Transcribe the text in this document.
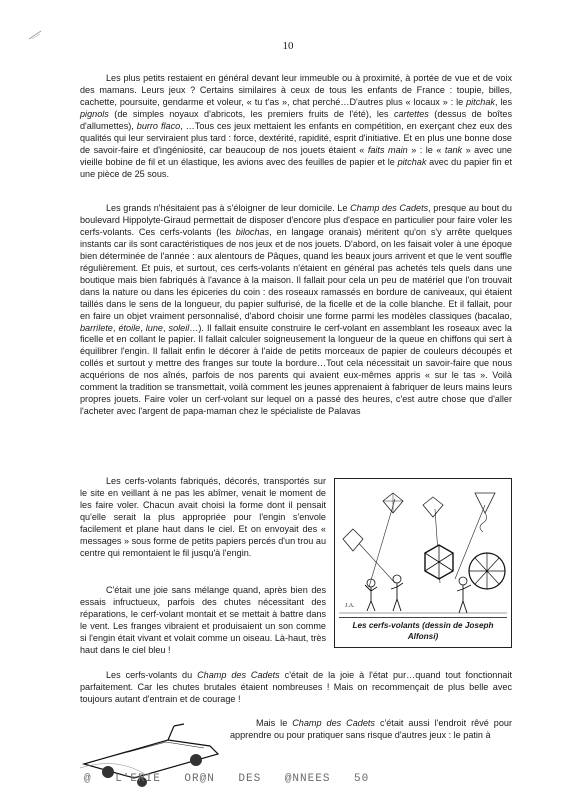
10

Les plus petits restaient en général devant leur immeuble ou à proximité, à portée de vue et de voix des mamans. Leurs jeux ? Certains similaires à ceux de tous les enfants de France : toupie, billes, cachette, poursuite, gendarme et voleur, « tu t'as », chat perché…D'autres plus « locaux » : le pitchak, les pignols (de simples noyaux d'abricots, les premiers fruits de l'été), les cartettes (dessus de boîtes d'allumettes), burro flaco, …Tous ces jeux mettaient les enfants en compétition, en exerçant chez eux des qualités qui leur serviraient plus tard : force, dextérité, rapidité, esprit d'initiative. Et en plus une bonne dose de savoir-faire et d'ingéniosité, car beaucoup de nos jouets étaient « faits main » : le « tank » avec une vieille bobine de fil et un élastique, les avions avec des feuilles de papier et le pitchak avec du papier fin et une pièce de 25 sous.

Les grands n'hésitaient pas à s'éloigner de leur domicile. Le Champ des Cadets, presque au bout du boulevard Hippolyte-Giraud permettait de disposer d'encore plus d'espace en particulier pour faire voler les cerfs-volants. Ces cerfs-volants (les bilochas, en langage oranais) méritent qu'on s'y arrête quelques instants car ils sont caractéristiques de nos jeux et de nos jouets. D'abord, on les faisait voler à une époque bien déterminée de l'année : aux alentours de Pâques, quand les beaux jours arrivent et que le vent souffle régulièrement. Et puis, et surtout, ces cerfs-volants n'étaient en général pas achetés tels quels dans une boutique mais bien fabriqués à l'avance à la maison. Il fallait pour cela un peu de matériel que l'on trouvait dans la nature ou dans les épiceries du coin : des roseaux ramassés en bordure de caniveaux, qui étaient taillés dans le sens de la longueur, du papier sulfurisé, de la ficelle et de la colle blanche. Et il fallait, pour en faire un objet vraiment personnalisé, d'abord choisir une forme parmi les modèles classiques (bacalao, barrilete, étoile, lune, soleil…). Il fallait ensuite construire le cerf-volant en assemblant les roseaux avec la ficelle et en collant le papier. Il fallait calculer soigneusement la longueur de la queue en chiffons qui sert à équilibrer l'engin. Il fallait enfin le décorer à l'aide de petits morceaux de papier de couleurs découpés et collés et surtout y mettre des franges sur toute la bordure…Tout cela nécessitait un savoir-faire que nous acquérions de nos aînés, parfois de nos parents qui avaient eux-mêmes appris « sur le tas ». Voilà comment la tradition se transmettait, voilà comment les jeunes apprenaient à fabriquer de leurs mains leurs propres jouets. Faire voler un cerf-volant sur lequel on a passé des heures, c'est autre chose que d'aller l'acheter avec l'argent de papa-maman chez le spécialiste de Palavas

Les cerfs-volants fabriqués, décorés, transportés sur le site en veillant à ne pas les abîmer, venait le moment de les faire voler. Chacun avait choisi la forme dont il pensait qu'elle serait la plus appropriée pour l'engin s'envole facilement et plane haut dans le ciel. Et on envoyait des « messages » sous forme de petits papiers percés d'un trou au centre qui remontaient le fil jusqu'à l'engin.

C'était une joie sans mélange quand, après bien des essais infructueux, parfois des chutes nécessitant des réparations, le cerf-volant montait et se mettait à battre dans le vent. Les franges vibraient et produisaient un son comme si l'engin était vivant et volait comme un oiseau. Là-haut, très haut dans le ciel bleu !

J.A.
Les cerfs-volants (dessin de Joseph Alfonsi)

Les cerfs-volants du Champ des Cadets c'était de la joie à l'état pur…quand tout fonctionnait parfaitement. Car les chutes brutales étaient nombreuses ! Mais on recommençait de plus belle avec toujours autant d'entrain et de courage !

Mais le Champ des Cadets c'était aussi l'endroit rêvé pour apprendre ou pour pratiquer sans risque d'autres jeux : le patin à

@ L'ERIE OR@N DES @NNEES 50
